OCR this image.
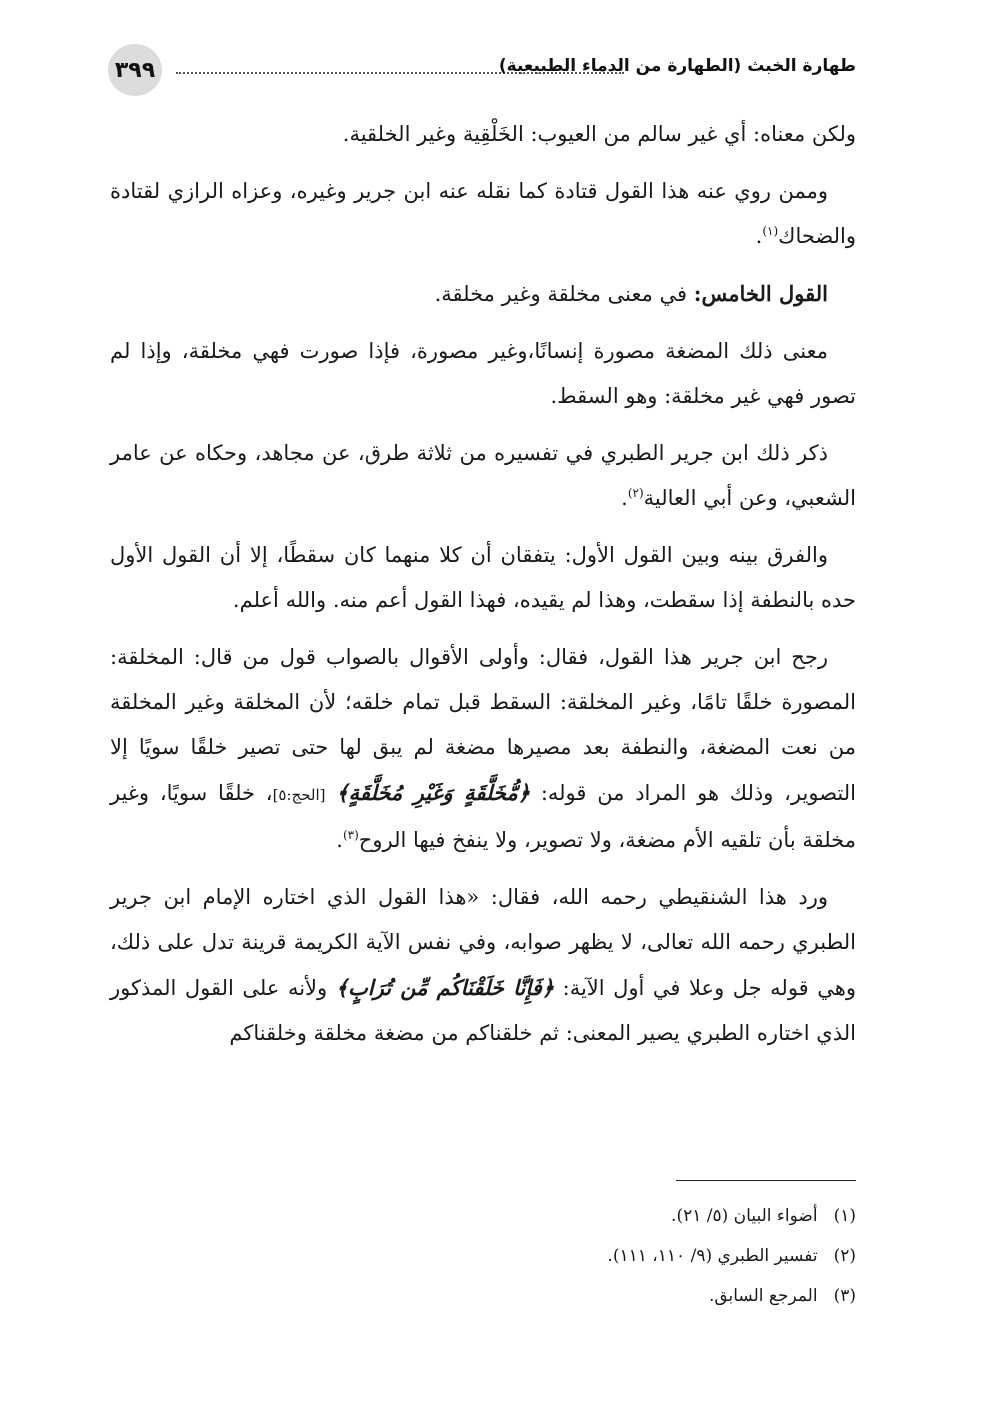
٣٩٩	طهارة الخبث (الطهارة من الدماء الطبيعية)

ولكن معناه: أي غير سالم من العيوب: الخَلْقِية وغير الخلقية.

وممن روي عنه هذا القول قتادة كما نقله عنه ابن جرير وغيره، وعزاه الرازي لقتادة والضحاك$^{(١)}$.

القول الخامس: في معنى مخلقة وغير مخلقة.

معنى ذلك المضغة مصورة إنسانًا،وغير مصورة، فإذا صورت فهي مخلقة، وإذا لم تصور فهي غير مخلقة: وهو السقط.

ذكر ذلك ابن جرير الطبري في تفسيره من ثلاثة طرق، عن مجاهد، وحكاه عن عامر الشعبي، وعن أبي العالية$^{(٢)}$.

والفرق بينه وبين القول الأول: يتفقان أن كلا منهما كان سقطًا، إلا أن القول الأول حده بالنطفة إذا سقطت، وهذا لم يقيده، فهذا القول أعم منه. والله أعلم.

رجح ابن جرير هذا القول، فقال: وأولى الأقوال بالصواب قول من قال: المخلقة: المصورة خلقًا تامًا، وغير المخلقة: السقط قبل تمام خلقه؛ لأن المخلقة وغير المخلقة من نعت المضغة، والنطفة بعد مصيرها مضغة لم يبق لها حتى تصير خلقًا سويًا إلا التصوير، وذلك هو المراد من قوله: ﴿مُّخَلَّقَةٍ وَغَيْرِ مُخَلَّقَةٍ﴾ [الحج:٥]، خلقًا سويًا، وغير مخلقة بأن تلقيه الأم مضغة، ولا تصوير، ولا ينفخ فيها الروح$^{(٣)}$.

ورد هذا الشنقيطي رحمه الله، فقال: «هذا القول الذي اختاره الإمام ابن جرير الطبري رحمه الله تعالى، لا يظهر صوابه، وفي نفس الآية الكريمة قرينة تدل على ذلك، وهي قوله جل وعلا في أول الآية: ﴿فَإِنَّا خَلَقْنَاكُم مِّن تُرَابٍ﴾ ولأنه على القول المذكور الذي اختاره الطبري يصير المعنى: ثم خلقناكم من مضغة مخلقة وخلقناكم

(١)
أضواء البيان (٥/ ٢١).
(٢)
تفسير الطبري (٩/ ١١٠، ١١١).
(٣)
المرجع السابق.
